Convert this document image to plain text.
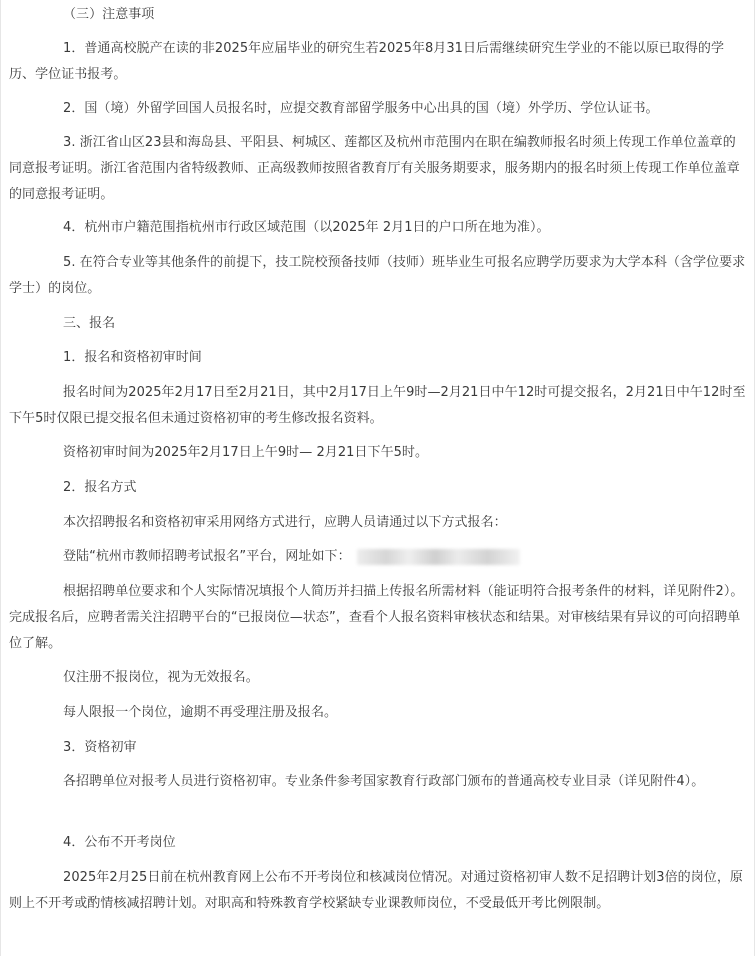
（三）注意事项
1．普通高校脱产在读的非2025年应届毕业的研究生若2025年8月31日后需继续研究生学业的不能以原已取得的学历、学位证书报考。
2．国（境）外留学回国人员报名时，应提交教育部留学服务中心出具的国（境）外学历、学位认证书。
3. 浙江省山区23县和海岛县、平阳县、柯城区、莲都区及杭州市范围内在职在编教师报名时须上传现工作单位盖章的同意报考证明。浙江省范围内省特级教师、正高级教师按照省教育厅有关服务期要求，服务期内的报名时须上传现工作单位盖章的同意报考证明。
4．杭州市户籍范围指杭州市行政区域范围（以2025年 2月1日的户口所在地为准）。
5. 在符合专业等其他条件的前提下，技工院校预备技师（技师）班毕业生可报名应聘学历要求为大学本科（含学位要求学士）的岗位。
三、报名
1．报名和资格初审时间
报名时间为2025年2月17日至2月21日，其中2月17日上午9时—2月21日中午12时可提交报名，2月21日中午12时至下午5时仅限已提交报名但未通过资格初审的考生修改报名资料。
资格初审时间为2025年2月17日上午9时— 2月21日下午5时。
2．报名方式
本次招聘报名和资格初审采用网络方式进行，应聘人员请通过以下方式报名：
登陆“杭州市教师招聘考试报名”平台，网址如下：
根据招聘单位要求和个人实际情况填报个人简历并扫描上传报名所需材料（能证明符合报考条件的材料，详见附件2）。完成报名后，应聘者需关注招聘平台的“已报岗位—状态”，查看个人报名资料审核状态和结果。对审核结果有异议的可向招聘单位了解。
仅注册不报岗位，视为无效报名。
每人限报一个岗位，逾期不再受理注册及报名。
3．资格初审
各招聘单位对报考人员进行资格初审。专业条件参考国家教育行政部门颁布的普通高校专业目录（详见附件4）。
4．公布不开考岗位
2025年2月25日前在杭州教育网上公布不开考岗位和核减岗位情况。对通过资格初审人数不足招聘计划3倍的岗位，原则上不开考或酌情核减招聘计划。对职高和特殊教育学校紧缺专业课教师岗位，不受最低开考比例限制。
